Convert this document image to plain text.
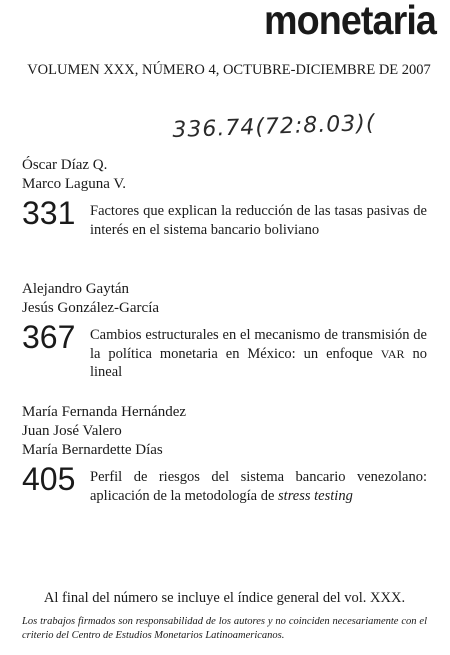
monetaria
VOLUMEN XXX, NÚMERO 4, OCTUBRE-DICIEMBRE DE 2007
336.74(72:8.03)(
Óscar Díaz Q.
Marco Laguna V.
331	Factores que explican la reducción de las tasas pasivas de interés en el sistema bancario boliviano
Alejandro Gaytán
Jesús González-García
367	Cambios estructurales en el mecanismo de transmisión de la política monetaria en México: un enfoque VAR no lineal
María Fernanda Hernández
Juan José Valero
María Bernardette Días
405	Perfil de riesgos del sistema bancario venezolano: aplicación de la metodología de stress testing
Al final del número se incluye el índice general del vol. XXX.
Los trabajos firmados son responsabilidad de los autores y no coinciden necesariamente con el criterio del Centro de Estudios Monetarios Latinoamericanos.
